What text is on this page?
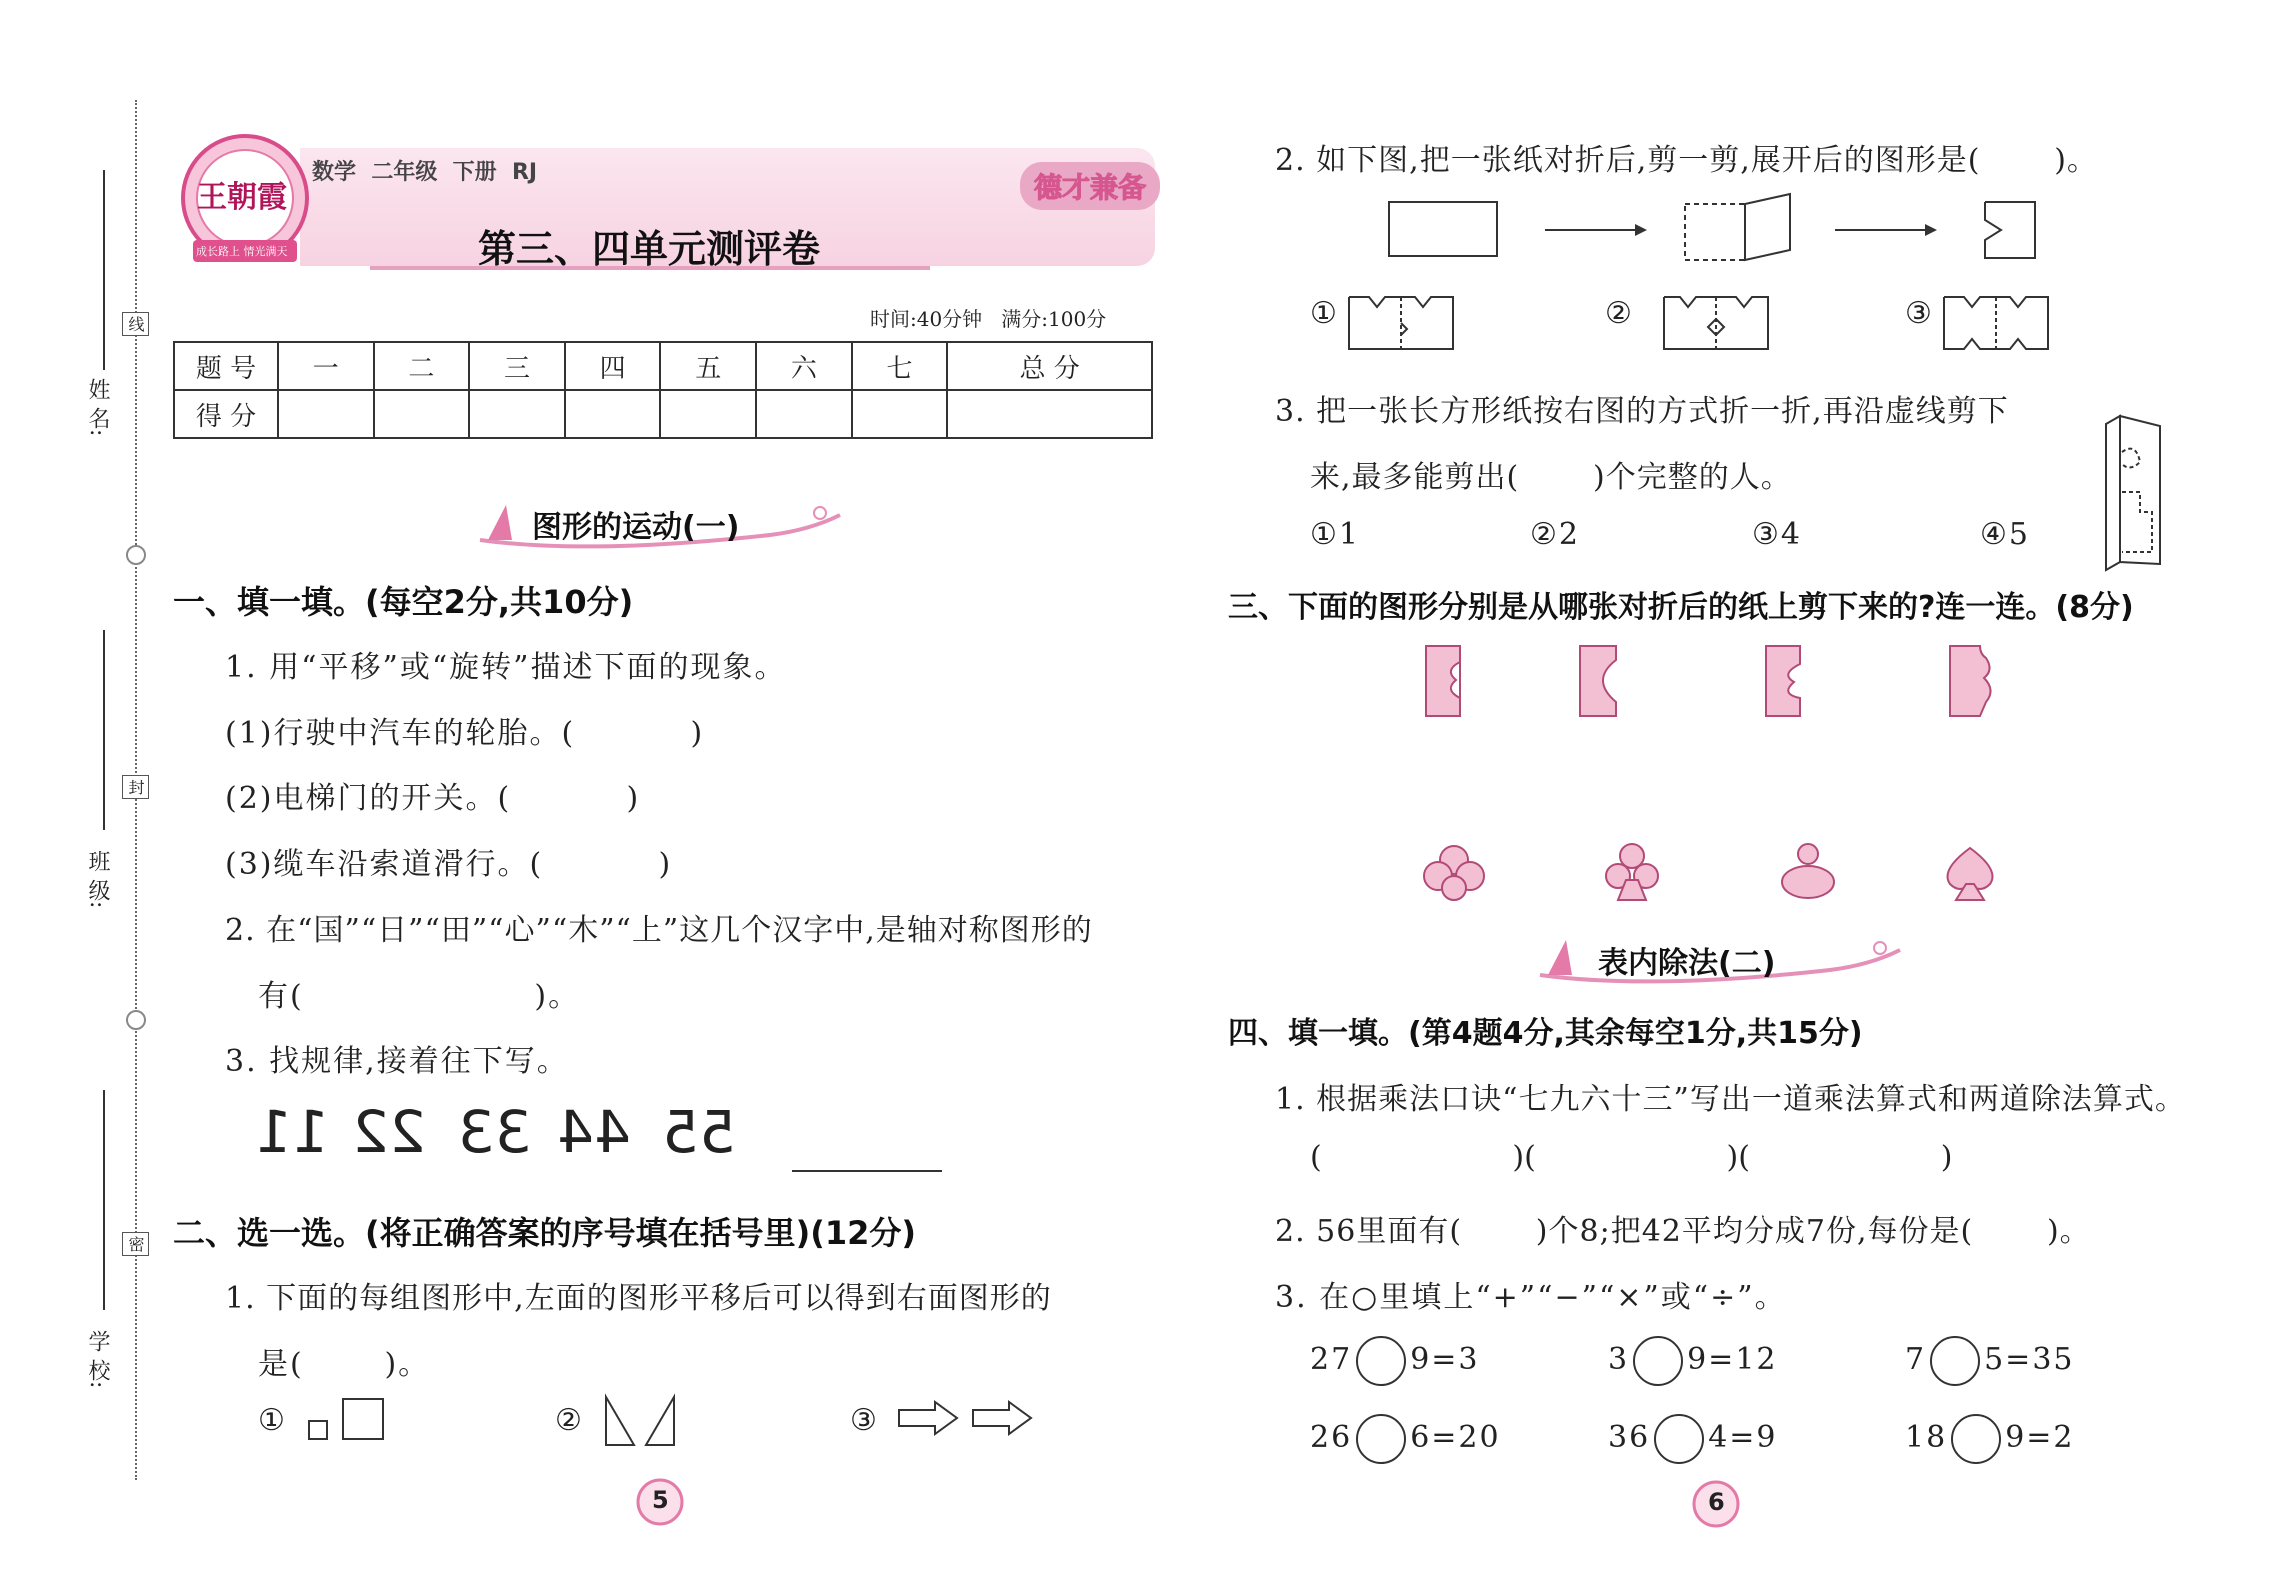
姓 名:
班 级:
学 校:
线
封
密
王朝霞
成长路上 情光满天
数学  二年级  下册  RJ	德才兼备
第三、四单元测评卷
时间:40分钟   满分:100分
题 号	一	二	三	四	五	六	七	总 分
得 分								
图形的运动(一)
一、填一填。(每空2分,共10分)
1. 用“平移”或“旋转”描述下面的现象。
(1)行驶中汽车的轮胎。(          )
(2)电梯门的开关。(          )
(3)缆车沿索道滑行。(          )
2. 在“国”“日”“田”“心”“木”“上”这几个汉字中,是轴对称图形的
有(                    )。
3. 找规律,接着往下写。
11 22 33 44 55
二、选一选。(将正确答案的序号填在括号里)(12分)
1. 下面的每组图形中,左面的图形平移后可以得到右面图形的
是(       )。
①	②	③
5
2. 如下图,把一张纸对折后,剪一剪,展开后的图形是(       )。
①	②	③
3. 把一张长方形纸按右图的方式折一折,再沿虚线剪下
来,最多能剪出(       )个完整的人。
①1	②2	③4	④5
三、下面的图形分别是从哪张对折后的纸上剪下来的?连一连。(8分)
表内除法(二)
四、填一填。(第4题4分,其余每空1分,共15分)
1. 根据乘法口诀“七九六十三”写出一道乘法算式和两道除法算式。
(                    )(                    )(                    )
2. 56里面有(       )个8;把42平均分成7份,每份是(       )。
3. 在○里填上“+”“−”“×”或“÷”。
27 9=3	3 9=12	7 5=35
26 6=20	36 4=9	18 9=2
6
